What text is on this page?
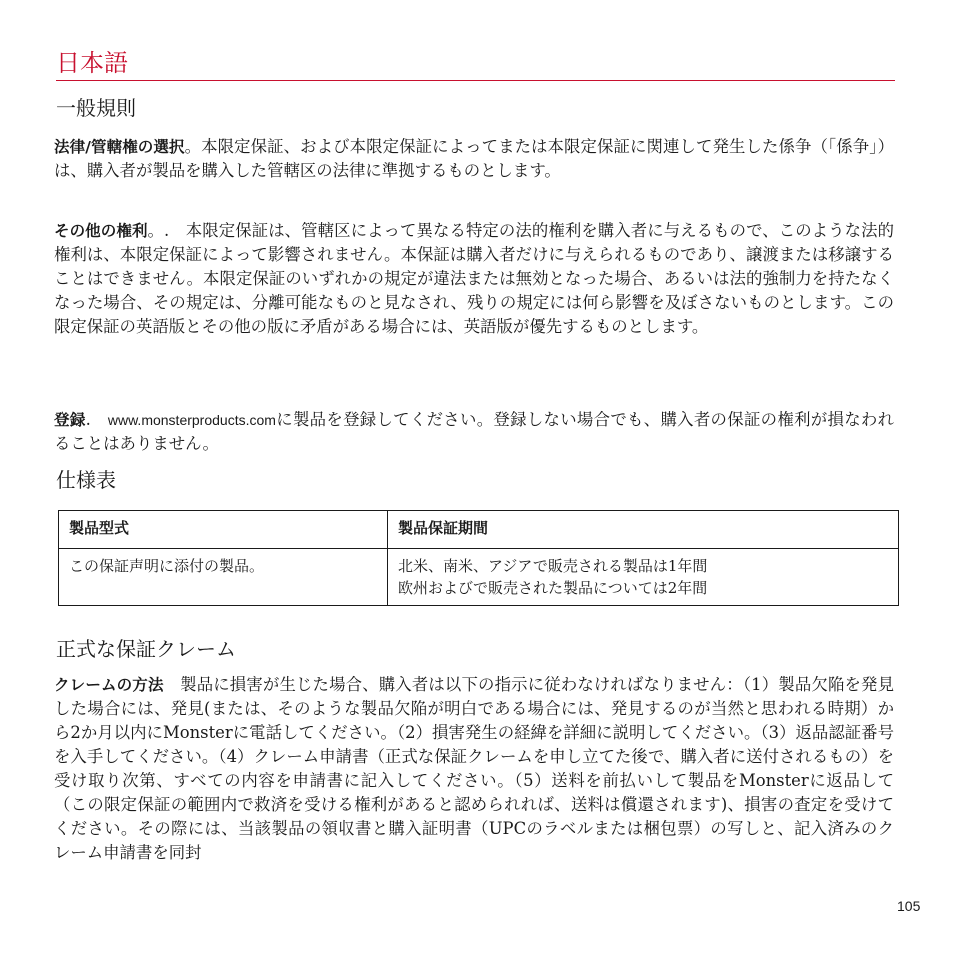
日本語
一般規則

法律/管轄権の選択。本限定保証、および本限定保証によってまたは本限定保証に関連して発生した係争（「係争」）は、購入者が製品を購入した管轄区の法律に準拠するものとします。

その他の権利。.　本限定保証は、管轄区によって異なる特定の法的権利を購入者に与えるもので、このような法的権利は、本限定保証によって影響されません。本保証は購入者だけに与えられるものであり、譲渡または移譲することはできません。本限定保証のいずれかの規定が違法または無効となった場合、あるいは法的強制力を持たなくなった場合、その規定は、分離可能なものと見なされ、残りの規定には何ら影響を及ぼさないものとします。この限定保証の英語版とその他の版に矛盾がある場合には、英語版が優先するものとします。

登録.　www.monsterproducts.comに製品を登録してください。登録しない場合でも、購入者の保証の権利が損なわれることはありません。

仕様表
製品型式	製品保証期間
この保証声明に添付の製品。	北米、南米、アジアで販売される製品は1年間
欧州およびで販売された製品については2年間
正式な保証クレーム

クレームの方法　製品に損害が生じた場合、購入者は以下の指示に従わなければなりません：（1）製品欠陥を発見した場合には、発見(または、そのような製品欠陥が明白である場合には、発見するのが当然と思われる時期）から2か月以内にMonsterに電話してください。（2）損害発生の経緯を詳細に説明してください。（3）返品認証番号を入手してください。（4）クレーム申請書（正式な保証クレームを申し立てた後で、購入者に送付されるもの）を受け取り次第、すべての内容を申請書に記入してください。（5）送料を前払いして製品をMonsterに返品して（この限定保証の範囲内で救済を受ける権利があると認められれば、送料は償還されます)、損害の査定を受けてください。その際には、当該製品の領収書と購入証明書（UPCのラベルまたは梱包票）の写しと、記入済みのクレーム申請書を同封

105
